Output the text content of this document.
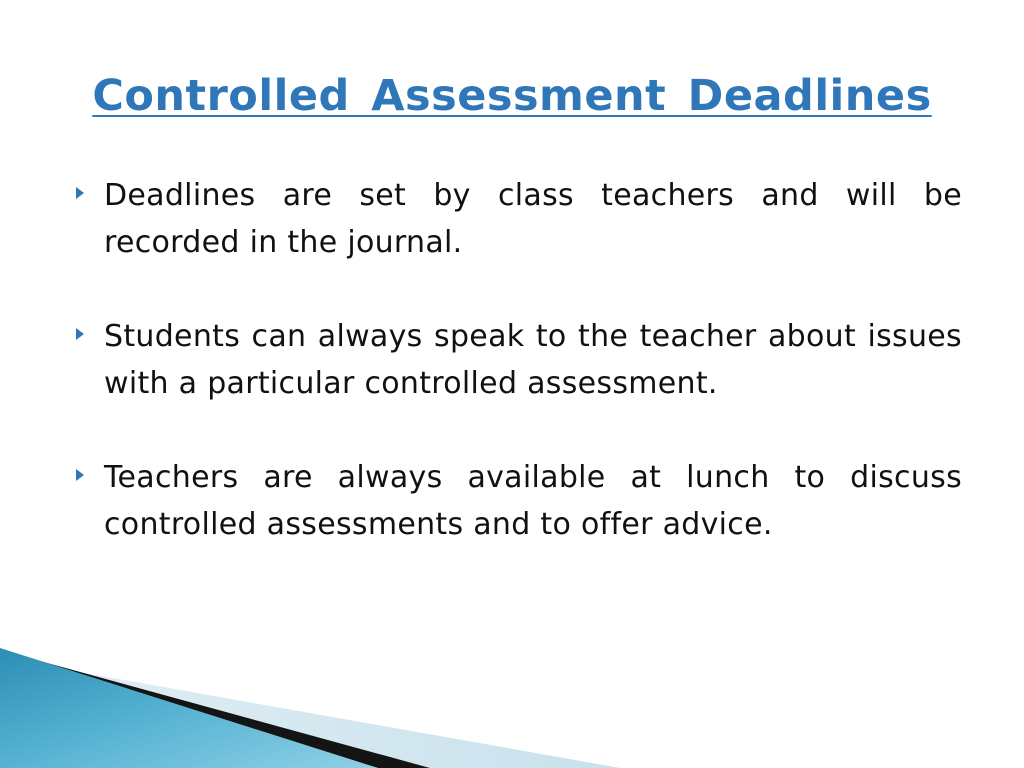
Controlled Assessment Deadlines
Deadlines are set by class teachers and will be recorded in the journal.
Students can always speak to the teacher about issues with a particular controlled assessment.
Teachers are always available at lunch to discuss controlled assessments and to offer advice.
